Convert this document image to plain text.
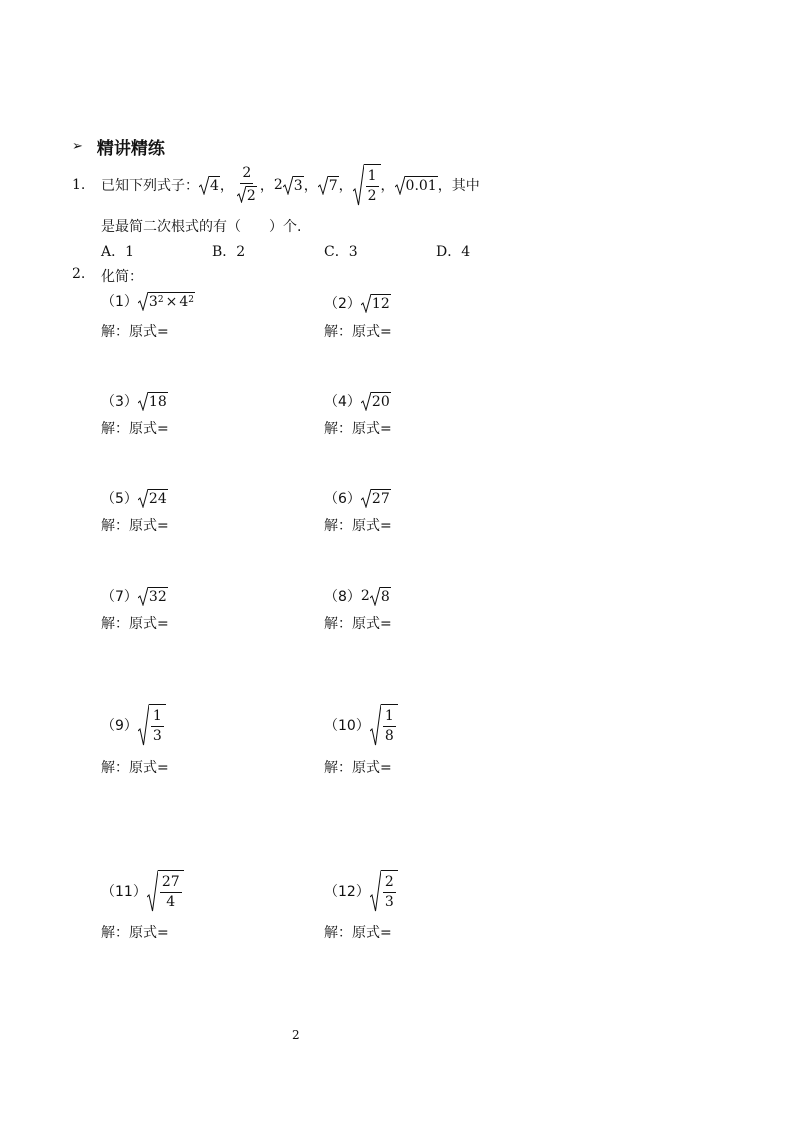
➢ 精讲精练
1.	已知下列式子： 4 ， $\frac{2}{2}$ ， 2 3 ， 7 ， $\frac{1}{2}$ ， 0.01 ，其中
是最简二次根式的有（　　）个.
A．1	B．2	C．3	D．4
2. 化简：
（1） $3^2 \times 4^2$
解：原式=
（2） 12
解：原式=
（3） 18
解：原式=
（4） 20
解：原式=
（5） 24
解：原式=
（6） 27
解：原式=
（7） 32
解：原式=
（8） 2 8
解：原式=
$(9) \frac{1}{3}$
解：原式=
$(10) \frac{1}{8}$
解：原式=
$(11) \frac{27}{4}$
解：原式=
$(12) \frac{2}{3}$
解：原式=
2
